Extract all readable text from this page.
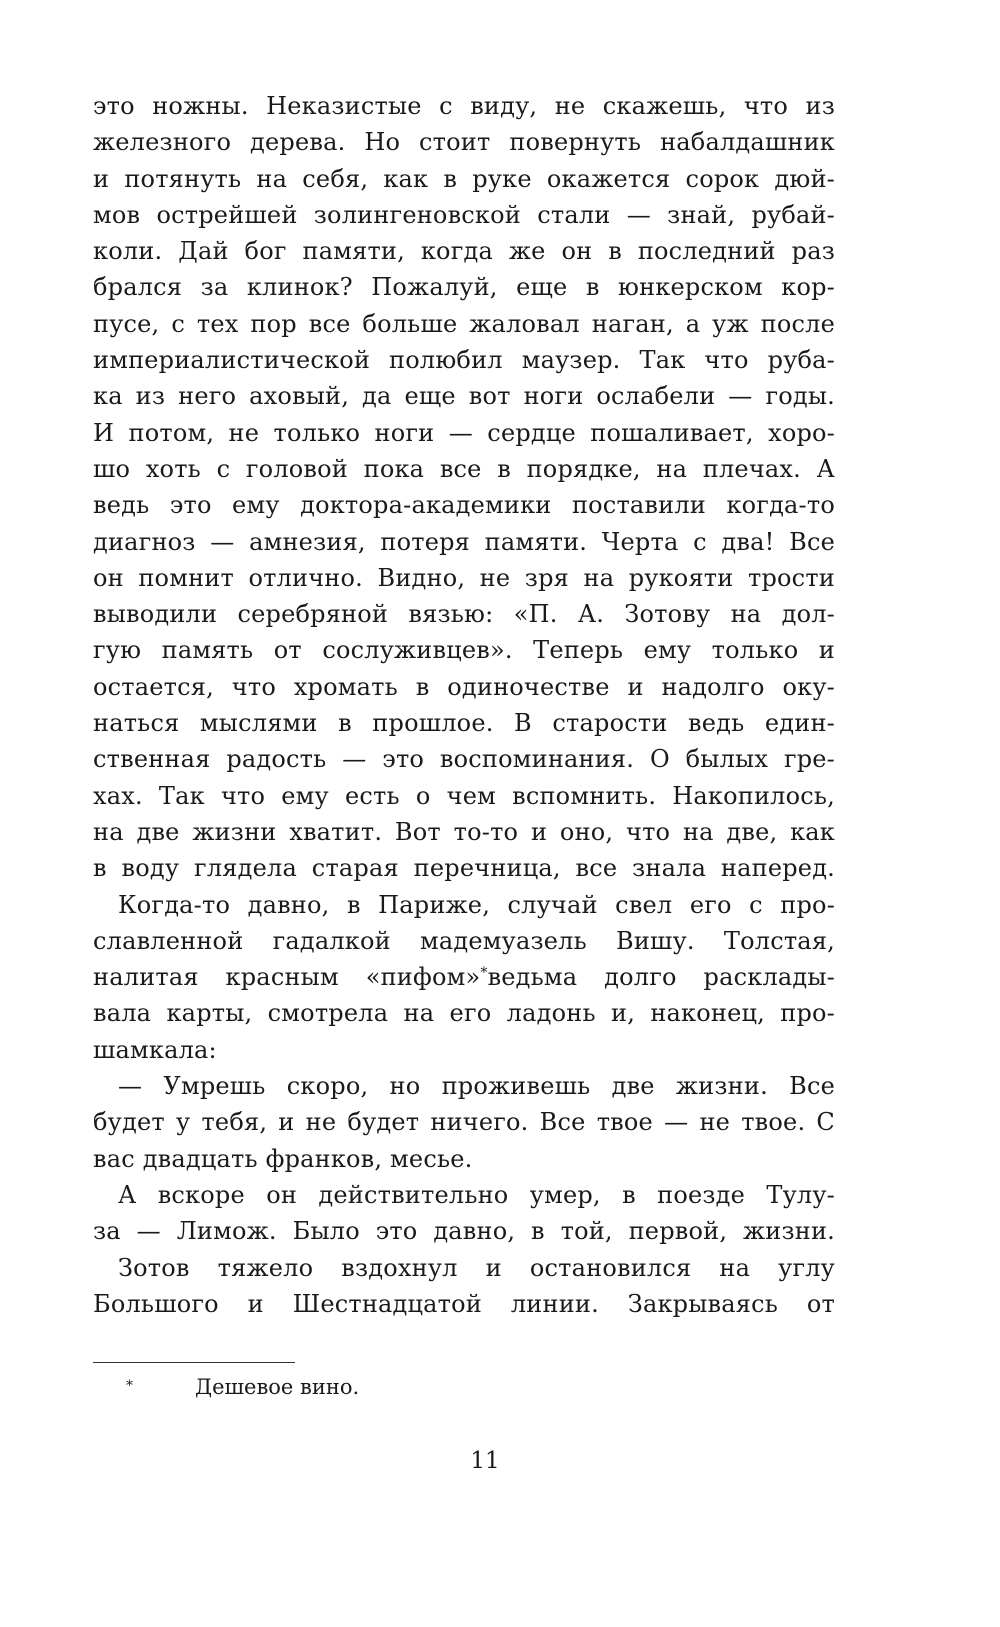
это ножны. Неказистые с виду, не скажешь, что из
железного дерева. Но стоит повернуть набалдашник
и потянуть на себя, как в руке окажется сорок дюй-
мов острейшей золингеновской стали — знай, рубай-
коли. Дай бог памяти, когда же он в последний раз
брался за клинок? Пожалуй, еще в юнкерском кор-
пусе, с тех пор все больше жаловал наган, а уж после
империалистической полюбил маузер. Так что руба-
ка из него аховый, да еще вот ноги ослабели — годы.
И потом, не только ноги — сердце пошаливает, хоро-
шо хоть с головой пока все в порядке, на плечах. А
ведь это ему доктора-академики поставили когда-то
диагноз — амнезия, потеря памяти. Черта с два! Все
он помнит отлично. Видно, не зря на рукояти трости
выводили серебряной вязью: «П. А. Зотову на дол-
гую память от сослуживцев». Теперь ему только и
остается, что хромать в одиночестве и надолго оку-
наться мыслями в прошлое. В старости ведь един-
ственная радость — это воспоминания. О былых гре-
хах. Так что ему есть о чем вспомнить. Накопилось,
на две жизни хватит. Вот то-то и оно, что на две, как
в воду глядела старая перечница, все знала наперед.
Когда-то давно, в Париже, случай свел его с про-
славленной гадалкой мадемуазель Вишу. Толстая,
налитая красным «пифом»*ведьма долго расклады-
вала карты, смотрела на его ладонь и, наконец, про-
шамкала:
— Умрешь скоро, но проживешь две жизни. Все
будет у тебя, и не будет ничего. Все твое — не твое. С
вас двадцать франков, месье.
А вскоре он действительно умер, в поезде Тулу-
за — Лимож. Было это давно, в той, первой, жизни.
Зотов тяжело вздохнул и остановился на углу
Большого и Шестнадцатой линии. Закрываясь от
*	Дешевое вино.
11
